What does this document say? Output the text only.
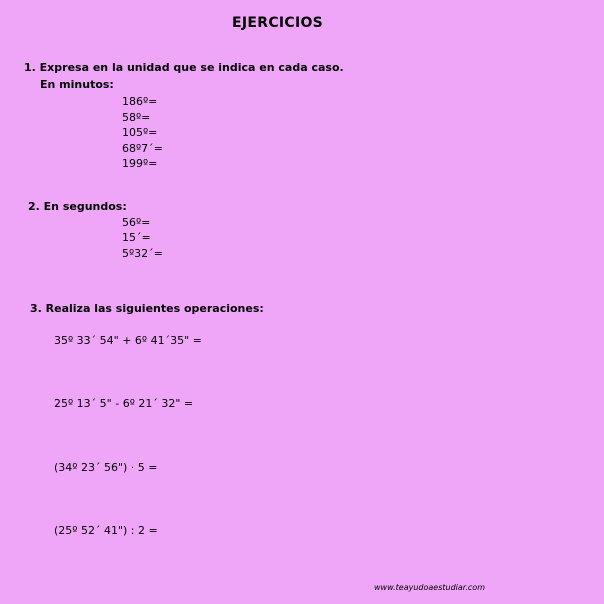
EJERCICIOS
1. Expresa en la unidad que se indica en cada caso.
En minutos:
186º=
58º=
105º=
68º7´=
199º=
2. En segundos:
56º=
15´=
5º32´=
3. Realiza las siguientes operaciones:
35º 33´ 54" + 6º 41´35" =
25º 13´ 5" - 6º 21´ 32" =
(34º 23´ 56") · 5 =
(25º 52´ 41") : 2 =
www.teayudoaestudiar.com
